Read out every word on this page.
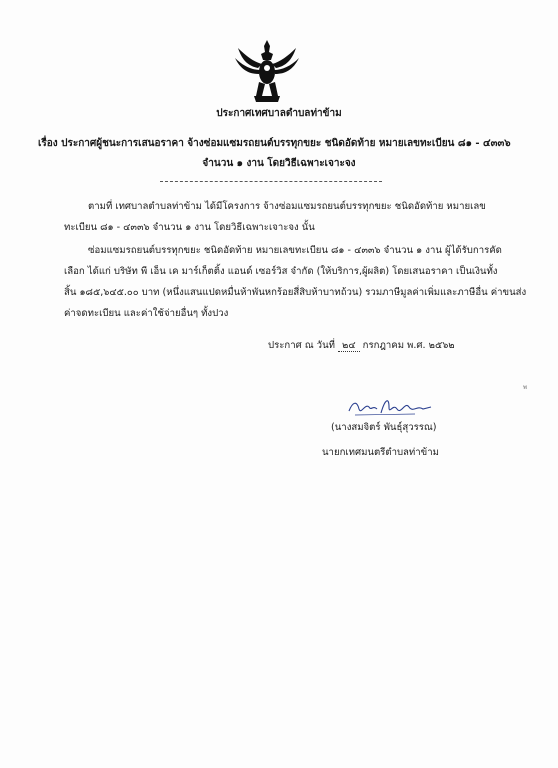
ประกาศเทศบาลตำบลท่าข้าม
เรื่อง ประกาศผู้ชนะการเสนอราคา จ้างซ่อมแซมรถยนต์บรรทุกขยะ ชนิดอัดท้าย หมายเลขทะเบียน ๘๑ - ๔๓๓๖
จำนวน ๑ งาน โดยวิธีเฉพาะเจาะจง
ตามที่ เทศบาลตำบลท่าข้าม ได้มีโครงการ จ้างซ่อมแซมรถยนต์บรรทุกขยะ ชนิดอัดท้าย หมายเลข
ทะเบียน ๘๑ - ๔๓๓๖ จำนวน ๑ งาน โดยวิธีเฉพาะเจาะจง นั้น
ซ่อมแซมรถยนต์บรรทุกขยะ ชนิดอัดท้าย หมายเลขทะเบียน ๘๑ - ๔๓๓๖ จำนวน ๑ งาน ผู้ได้รับการคัด
เลือก ได้แก่ บริษัท พี เอ็น เค มาร์เก็ตติ้ง แอนด์ เซอร์วิส จำกัด (ให้บริการ,ผู้ผลิต) โดยเสนอราคา เป็นเงินทั้ง
สิ้น ๑๘๕,๖๔๕.๐๐ บาท (หนึ่งแสนแปดหมื่นห้าพันหกร้อยสี่สิบห้าบาทถ้วน) รวมภาษีมูลค่าเพิ่มและภาษีอื่น ค่าขนส่ง
ค่าจดทะเบียน และค่าใช้จ่ายอื่นๆ ทั้งปวง
ประกาศ ณ วันที่ ๒๔ กรกฎาคม พ.ศ. ๒๕๖๒
(นางสมจิตร์ พันธุ์สุวรรณ)
นายกเทศมนตรีตำบลท่าข้าม
พ
